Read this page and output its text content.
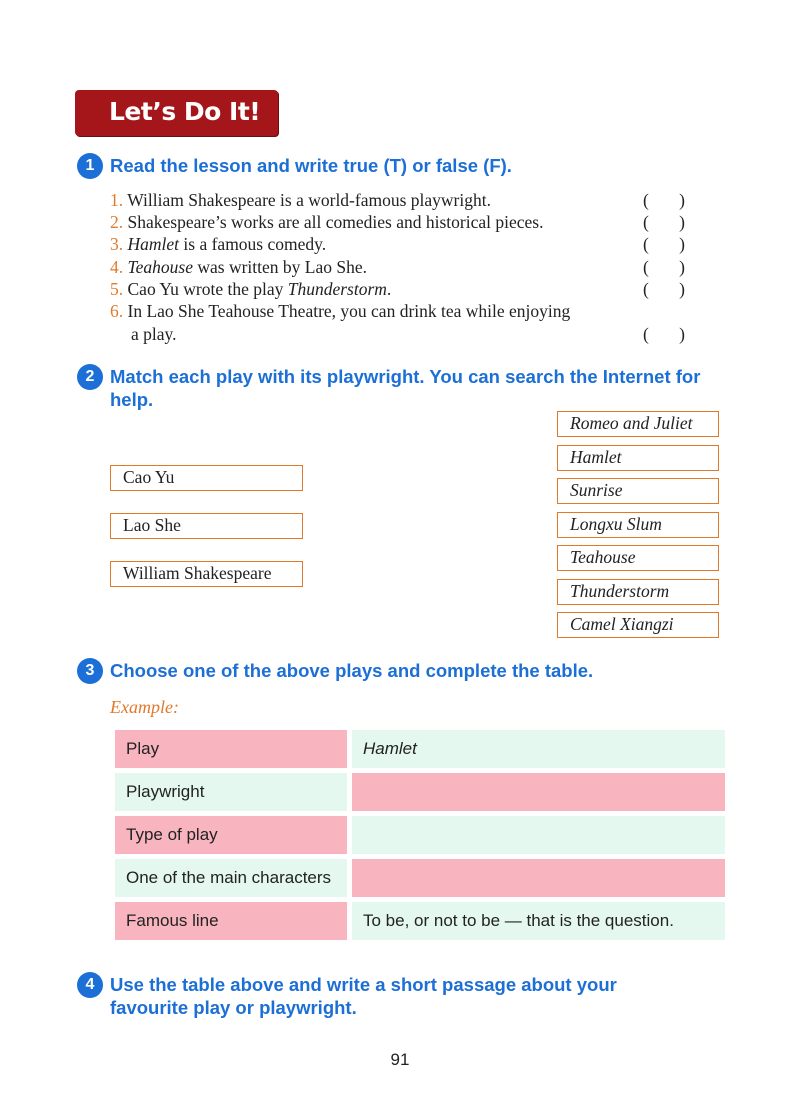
Let’s Do It!
1 Read the lesson and write true (T) or false (F).
1. William Shakespeare is a world-famous playwright.
2. Shakespeare’s works are all comedies and historical pieces.
3. Hamlet is a famous comedy.
4. Teahouse was written by Lao She.
5. Cao Yu wrote the play Thunderstorm.
6. In Lao She Teahouse Theatre, you can drink tea while enjoying
a play.
( )
( )
( )
( )
( )
( )
2 Match each play with its playwright. You can search the Internet for help.
Cao Yu
Lao She
William Shakespeare
Romeo and Juliet
Hamlet
Sunrise
Longxu Slum
Teahouse
Thunderstorm
Camel Xiangzi
3 Choose one of the above plays and complete the table.
Example:
Play	Hamlet
Playwright
Type of play
One of the main characters
Famous line	To be, or not to be — that is the question.
4 Use the table above and write a short passage about your favourite play or playwright.
91
